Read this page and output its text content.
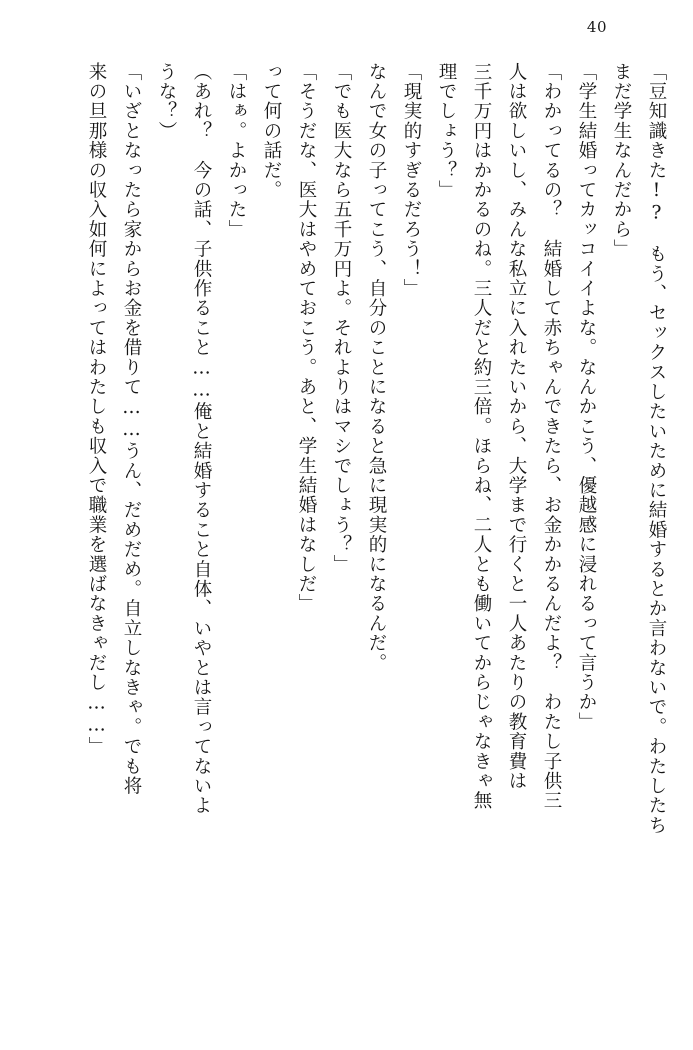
40
「豆知識きた!?　もう、セックスしたいために結婚するとか言わないで。わたしたち
まだ学生なんだから」
「学生結婚ってカッコイイよな。なんかこう、優越感に浸れるって言うか」
「わかってるの？　結婚して赤ちゃんできたら、お金かかるんだよ？　わたし子供三
人は欲しいし、みんな私立に入れたいから、大学まで行くと一人あたりの教育費は
三千万円はかかるのね。三人だと約三倍。ほらね、二人とも働いてからじゃなきゃ無
理でしょう？」
「現実的すぎるだろう！」
なんで女の子ってこう、自分のことになると急に現実的になるんだ。
「でも医大なら五千万円よ。それよりはマシでしょう？」
「そうだな、医大はやめておこう。あと、学生結婚はなしだ」
って何の話だ。
「はぁ。よかった」
（あれ？　今の話、子供作ること……俺と結婚すること自体、いやとは言ってないよ
うな？）
「いざとなったら家からお金を借りて……うん、だめだめ。自立しなきゃ。でも将
来の旦那様の収入如何によってはわたしも収入で職業を選ばなきゃだし……」
